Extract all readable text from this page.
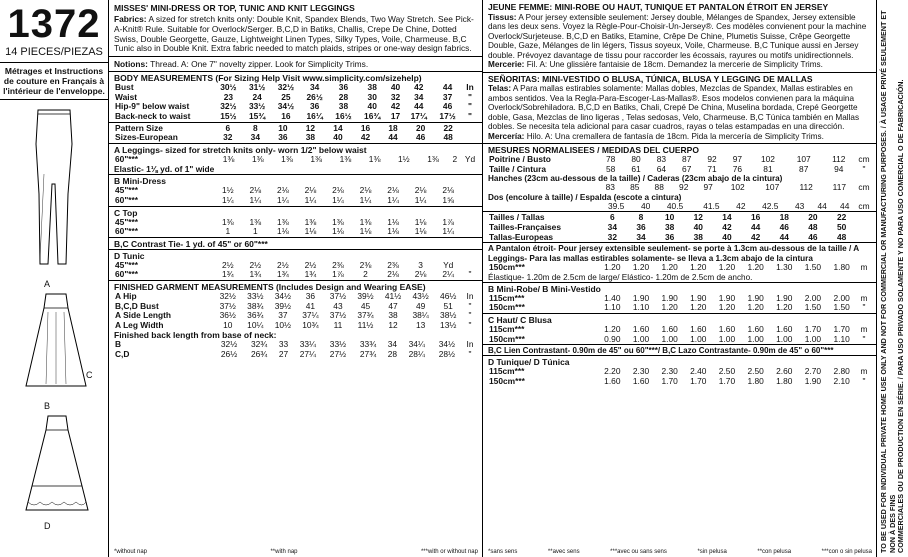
1372
14 PIECES/PIEZAS
Métrages et Instructions de couture en Français à l'intérieur de l'enveloppe.
A
B
C
D
MISSES' MINI-DRESS OR TOP, TUNIC AND KNIT LEGGINGS
Fabrics: A sized for stretch knits only: Double Knit, Spandex Blends, Two Way Stretch. See Pick-A-Knit® Rule. Suitable for Overlock/Serger. B,C,D in Batiks, Challis, Crepe De Chine, Dotted Swiss, Double Georgette, Gauze, Lightweight Linen Types, Silky Types, Voile, Charmeuse. B,C Tunic also in Double Knit. Extra fabric needed to match plaids, stripes or one-way design fabrics.
Notions: Thread. A: One 7" novelty zipper. Look for Simplicity Trims.
BODY MEASUREMENTS (For Sizing Help Visit www.simplicity.com/sizehelp)
Bust	30½	31½	32½	34	36	38	40	42	44	In
Waist	23	24	25	26½	28	30	32	34	37	"
Hip-9" below waist	32½	33½	34½	36	38	40	42	44	46	"
Back-neck to waist	15½	15¾	16	16¼	16½	16¾	17	17¼	17½	"
Pattern Size	6	8	10	12	14	16	18	20	22
Sizes-European	32	34	36	38	40	42	44	46	48
A Leggings- sized for stretch knits only- worn 1/2" below waist
60"***	1⅜	1⅜	1⅜	1⅜	1⅜	1⅜	1½	1⅜	2	Yd
Elastic- 1⅛ yd. of 1" wide
B Mini-Dress
45"***	1½	2⅛	2⅛	2⅛	2⅛	2⅛	2⅛	2⅛	2⅛	
60"***	1¼	1¼	1¼	1¼	1¼	1¼	1¼	1¼	1⅝	
C Top
45"***	1⅜	1⅜	1⅜	1⅜	1⅜	1⅜	1⅛	1⅛	1⅞	
60"***	1	1	1⅛	1⅛	1⅛	1⅛	1⅛	1⅛	1¼	
B,C Contrast Tie- 1 yd. of 45" or 60"***
D Tunic
45"***	2½	2½	2½	2½	2⅜	2⅜	2⅜	3	Yd	
60"***	1¾	1¾	1¾	1¾	1⅞	2	2⅛	2⅛	2¼	"
FINISHED GARMENT MEASUREMENTS (Includes Design and Wearing EASE)
A Hip	32½	33½	34½	36	37½	39½	41½	43½	46½	In
B,C,D Bust	37½	38¾	39½	41	43	45	47	49	51	"
A Side Length	36½	36¾	37	37¼	37½	37¾	38	38¼	38½	"
A Leg Width	10	10¼	10½	10¾	11	11½	12	13	13½	"
Finished back length from base of neck:
B	32½	32¾	33	33¼	33½	33¾	34	34¼	34½	In
C,D	26½	26¾	27	27¼	27½	27¾	28	28¼	28½	"
*without nap	**with nap	***with or without nap
JEUNE FEMME: MINI-ROBE OU HAUT, TUNIQUE ET PANTALON ÉTROIT EN JERSEY
Tissus: A Pour jersey extensible seulement: Jersey double, Mélanges de Spandex, Jersey extensible dans les deux sens. Voyez la Règle-Pour-Choisir-Un-Jersey®. Ces modèles convienent pour la machine Overlock/Surjeteuse. B,C,D en Batiks, Etamine, Crêpe De Chine, Plumetis Suisse, Crêpe Georgette Double, Gaze, Mélanges de lin légers, Tissus soyeux, Voile, Charmeuse. B,C Tunique aussi en Jersey double. Prévoyez davantage de tissu pour raccorder les écossais, rayures ou motifs unidirectionnels.
Mercerie: Fil. A: Une glissière fantaisie de 18cm. Demandez la mercerie de Simplicity Trims.
SEÑORITAS: MINI-VESTIDO O BLUSA, TÚNICA, BLUSA Y LEGGING DE MALLAS
Telas: A Para mallas estirables solamente: Mallas dobles, Mezclas de Spandex, Mallas estirables en ambos sentidos. Vea la Regla-Para-Escoger-Las-Mallas®. Esos modelos convienen para la máquina Overlock/Sobrehiladora. B,C,D en Batiks, Chali, Crepé De China, Muselina bordada, Crepé Georgette doble, Gasa, Mezclas de lino ligeras , Telas sedosas, Velo, Charmeuse. B,C Túnica también en Mallas dobles. Se necesita tela adicional para casar cuadros, rayas o telas estampadas en una dirección.
Mercería: Hilo. A: Una cremallera de fantasía de 18cm. Pida la mercería de Simplicity Trims.
MESURES NORMALISEES / MEDIDAS DEL CUERPO
Poitrine / Busto	78	80	83	87	92	97	102	107	112	cm
Taille / Cintura	58	61	64	67	71	76	81	87	94	"
Hanches (23cm au-dessous de la taille) / Caderas (23cm abajo de la cintura)
	83	85	88	92	97	102	107	112	117	cm
Dos (encolure à taille) / Espalda (escote a cintura)
	39.5	40	40.5	41.5	42	42.5	43	44	44	cm
Tailles / Tallas	6	8	10	12	14	16	18	20	22
Tailles-Françaises	34	36	38	40	42	44	46	48	50
Tallas-Europeas	32	34	36	38	40	42	44	46	48
A Pantalon étroit- Pour jersey extensible seulement- se porte à 1.3cm au-dessous de la taille / A Leggings- Para las mallas estirables solamente- se lleva a 1.3cm abajo de la cintura
150cm***	1.20	1.20	1.20	1.20	1.20	1.20	1.30	1.50	1.80	m
Élastique- 1.20m de 2.5cm de large/ Elástico- 1.20m de 2.5cm de ancho.
B Mini-Robe/ B Mini-Vestido
115cm***	1.40	1.90	1.90	1.90	1.90	1.90	1.90	2.00	2.00	m
150cm***	1.10	1.10	1.20	1.20	1.20	1.20	1.20	1.50	1.50	"
C Haut/ C Blusa
115cm***	1.20	1.60	1.60	1.60	1.60	1.60	1.60	1.70	1.70	m
150cm***	0.90	1.00	1.00	1.00	1.00	1.00	1.00	1.00	1.10	"
B,C Lien Contrastant- 0.90m de 45" ou 60"***/ B,C Lazo Contrastante- 0.90m de 45" o 60"***
D Tunique/ D Túnica
115cm***	2.20	2.30	2.30	2.40	2.50	2.50	2.60	2.70	2.80	m
150cm***	1.60	1.60	1.70	1.70	1.70	1.80	1.80	1.90	2.10	"
*sans sens	**avec sens	***avec ou sans sens	*sin pelusa	**con pelusa	***con o sin pelusa TO BE USED FOR INDIVIDUAL PRIVATE HOME USE ONLY AND NOT FOR COMMERCIAL OR MANUFACTURING PURPOSES. / À USAGE PRIVÉ SEULEMENT ET NON À DES FINS COMMERCIALES OU DE PRODUCTION EN SÉRIE. / PARA USO PRIVADO SOLAMENTE Y NO PARA USO COMERCIAL O DE FABRICACIÓN.
